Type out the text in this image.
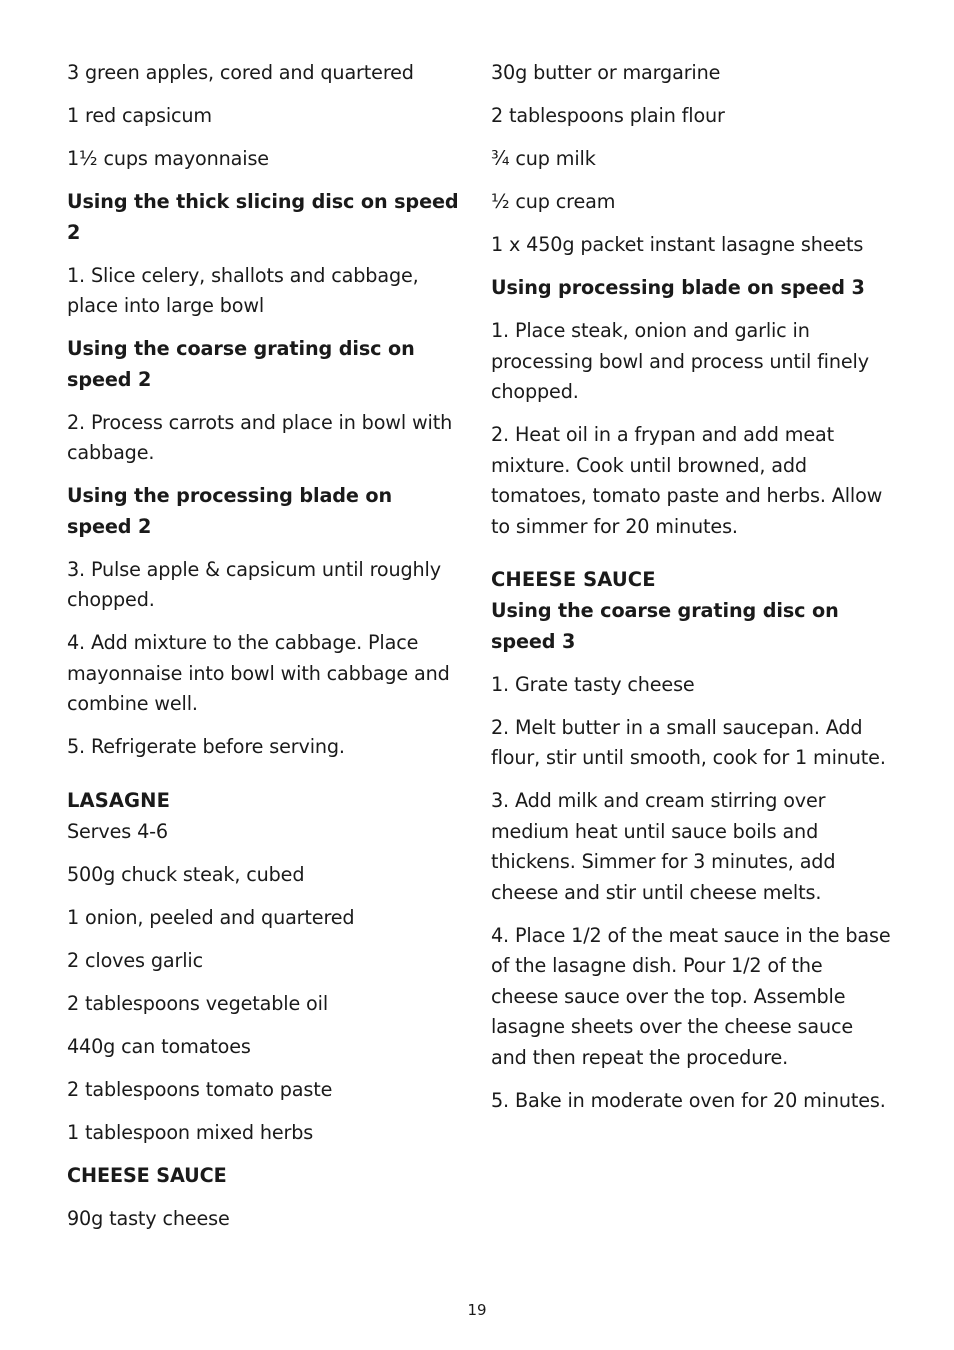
3 green apples, cored and quartered

1 red capsicum

1½ cups mayonnaise

Using the thick slicing disc on speed 2

1. Slice celery, shallots and cabbage, place into large bowl

Using the coarse grating disc on speed 2

2. Process carrots and place in bowl with cabbage.

Using the processing blade on speed 2

3. Pulse apple & capsicum until roughly chopped.

4. Add mixture to the cabbage. Place mayonnaise into bowl with cabbage and combine well.

5. Refrigerate before serving.

LASAGNE

Serves 4-6

500g chuck steak, cubed

1 onion, peeled and quartered

2 cloves garlic

2 tablespoons vegetable oil

440g can tomatoes

2 tablespoons tomato paste

1 tablespoon mixed herbs

CHEESE SAUCE

90g tasty cheese

30g butter or margarine

2 tablespoons plain flour

¾ cup milk

½ cup cream

1 x 450g packet instant lasagne sheets

Using processing blade on speed 3

1. Place steak, onion and garlic in processing bowl and process until finely chopped.

2. Heat oil in a frypan and add meat mixture. Cook until browned, add tomatoes, tomato paste and herbs. Allow to simmer for 20 minutes.

CHEESE SAUCE

Using the coarse grating disc on speed 3

1. Grate tasty cheese

2. Melt butter in a small saucepan. Add flour, stir until smooth, cook for 1 minute.

3. Add milk and cream stirring over medium heat until sauce boils and thickens. Simmer for 3 minutes, add cheese and stir until cheese melts.

4. Place 1/2 of the meat sauce in the base of the lasagne dish. Pour 1/2 of the cheese sauce over the top. Assemble lasagne sheets over the cheese sauce and then repeat the procedure.

5. Bake in moderate oven for 20 minutes.

19
